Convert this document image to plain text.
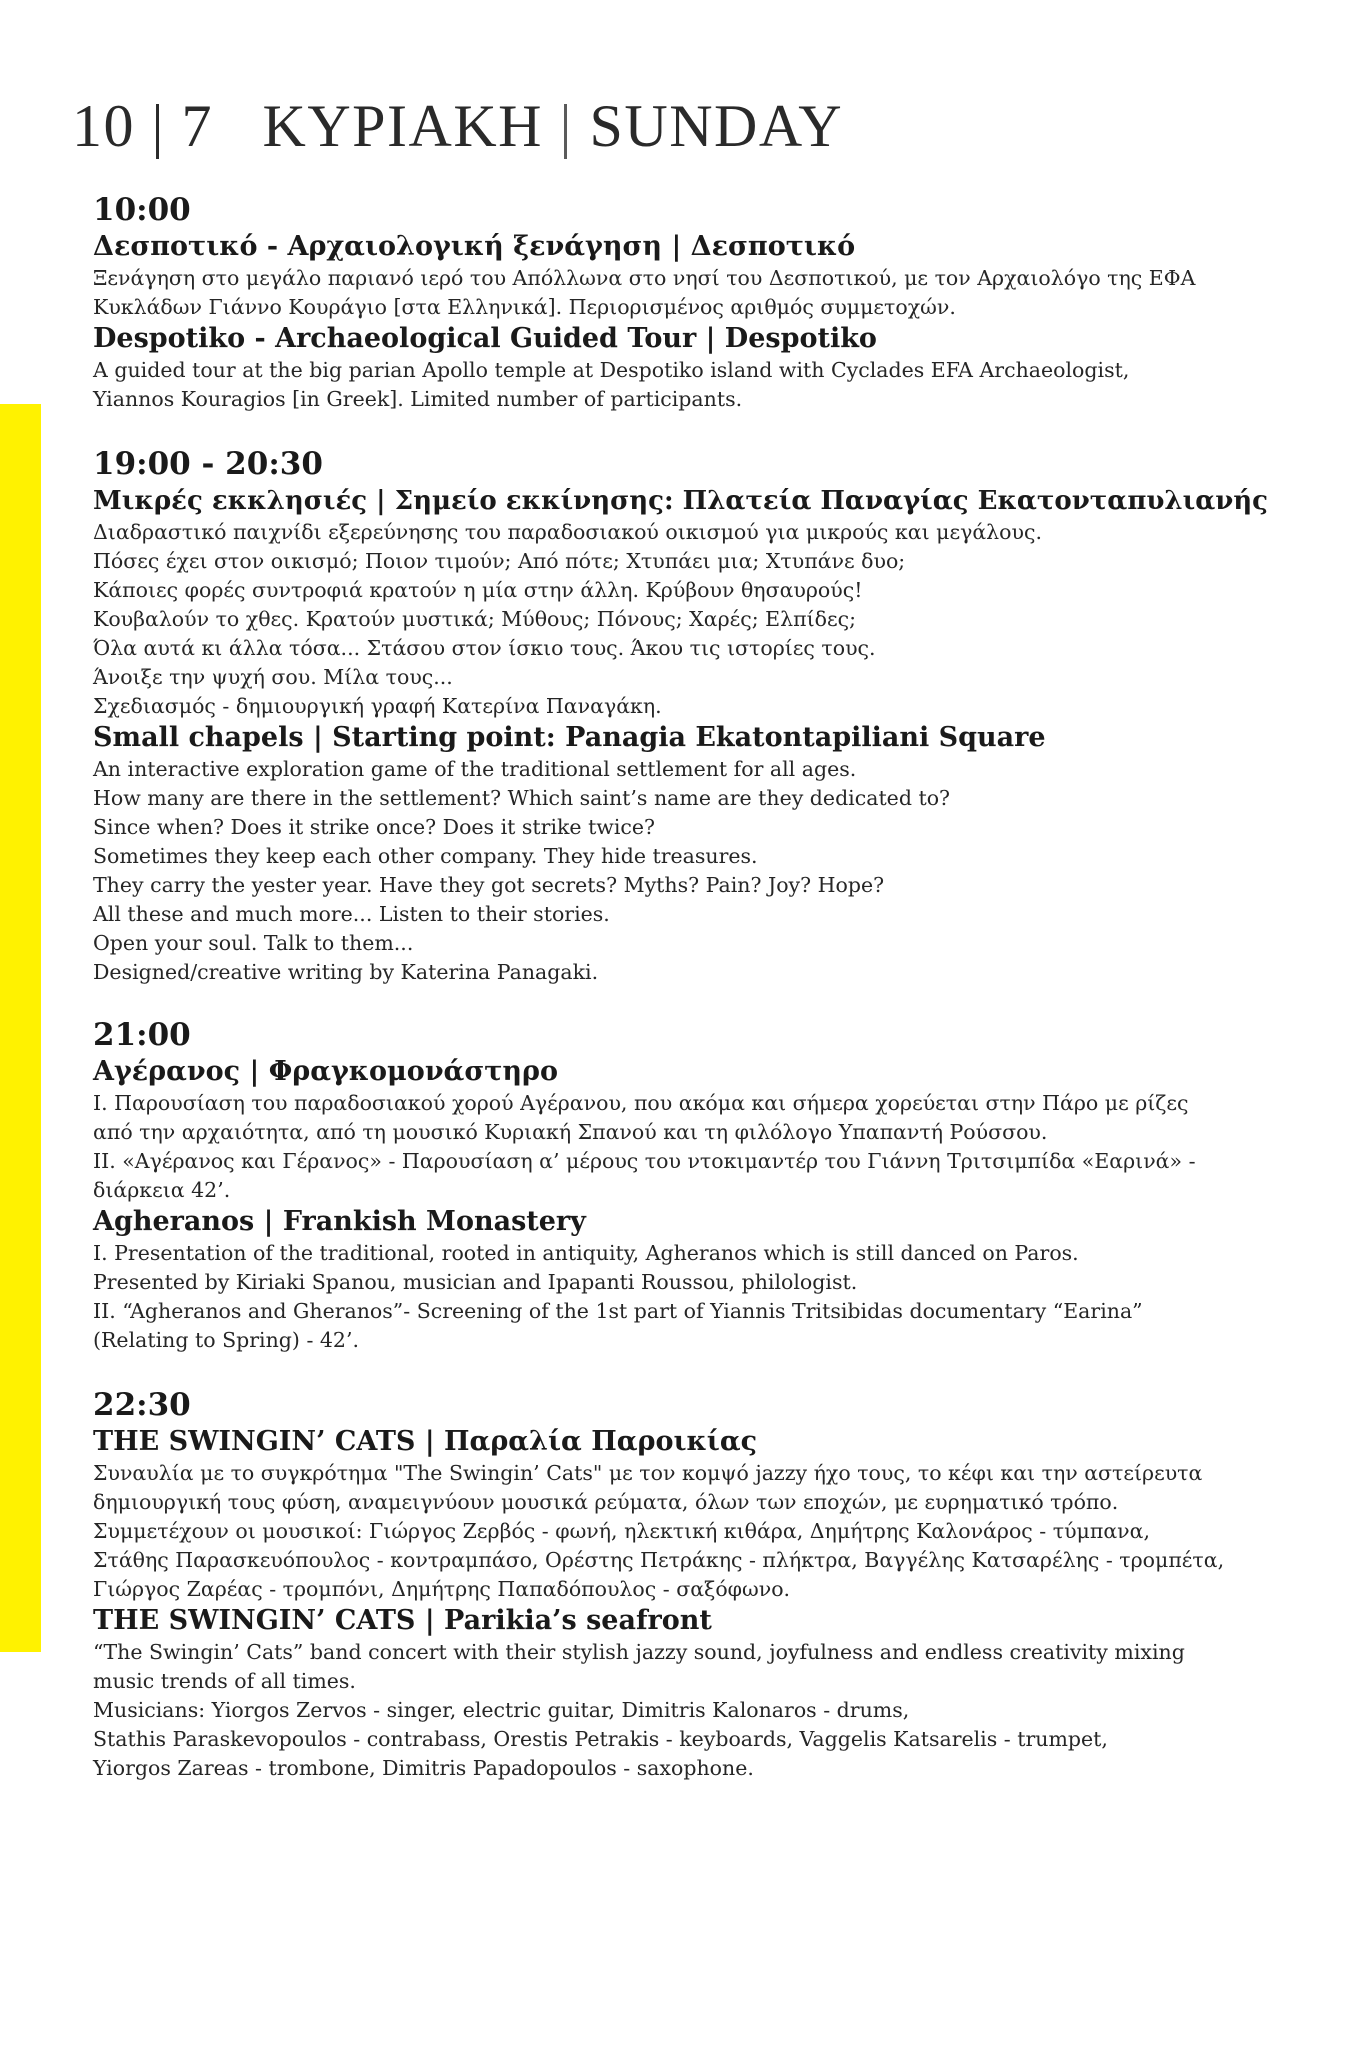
10 | 7 ΚΥΡΙΑΚΗ | SUNDAY
10:00
Δεσποτικό - Αρχαιολογική ξενάγηση | Δεσποτικό
Ξενάγηση στο μεγάλο παριανό ιερό του Απόλλωνα στο νησί του Δεσποτικού, με τον Αρχαιολόγο της ΕΦΑ
Κυκλάδων Γιάννο Κουράγιο [στα Ελληνικά]. Περιορισμένος αριθμός συμμετοχών.
Despotiko - Archaeological Guided Tour | Despotiko
A guided tour at the big parian Apollo temple at Despotiko island with Cyclades EFA Archaeologist,
Yiannos Kouragios [in Greek]. Limited number of participants.
19:00 - 20:30
Μικρές εκκλησιές | Σημείο εκκίνησης: Πλατεία Παναγίας Εκατονταπυλιανής
Διαδραστικό παιχνίδι εξερεύνησης του παραδοσιακού οικισμού για μικρούς και μεγάλους.
Πόσες έχει στον οικισμό; Ποιον τιμούν; Από πότε; Χτυπάει μια; Χτυπάνε δυο;
Κάποιες φορές συντροφιά κρατούν η μία στην άλλη. Κρύβουν θησαυρούς!
Κουβαλούν το χθες. Κρατούν μυστικά; Μύθους; Πόνους; Χαρές; Ελπίδες;
Όλα αυτά κι άλλα τόσα... Στάσου στον ίσκιο τους. Άκου τις ιστορίες τους.
Άνοιξε την ψυχή σου. Μίλα τους...
Σχεδιασμός - δημιουργική γραφή Κατερίνα Παναγάκη.
Small chapels | Starting point: Panagia Ekatontapiliani Square
An interactive exploration game of the traditional settlement for all ages.
How many are there in the settlement? Which saint’s name are they dedicated to?
Since when? Does it strike once? Does it strike twice?
Sometimes they keep each other company. They hide treasures.
They carry the yester year. Have they got secrets? Myths? Pain? Joy? Hope?
All these and much more... Listen to their stories.
Open your soul. Talk to them...
Designed/creative writing by Katerina Panagaki.
21:00
Αγέρανος | Φραγκομονάστηρο
Ι. Παρουσίαση του παραδοσιακού χορού Αγέρανου, που ακόμα και σήμερα χορεύεται στην Πάρο με ρίζες
από την αρχαιότητα, από τη μουσικό Κυριακή Σπανού και τη φιλόλογο Υπαπαντή Ρούσσου.
ΙΙ. «Αγέρανος και Γέρανος» - Παρουσίαση α’ μέρους του ντοκιμαντέρ του Γιάννη Τριτσιμπίδα «Εαρινά» -
διάρκεια 42’.
Agheranos | Frankish Monastery
I. Presentation of the traditional, rooted in antiquity, Agheranos which is still danced on Paros.
Presented by Kiriaki Spanou, musician and Ipapanti Roussou, philologist.
II. “Agheranos and Gheranos”- Screening of the 1st part of Yiannis Tritsibidas documentary “Earina”
(Relating to Spring) - 42’.
22:30
THE SWINGIN’ CATS | Παραλία Παροικίας
Συναυλία με το συγκρότημα "The Swingin’ Cats" με τον κομψό jazzy ήχο τους, το κέφι και την αστείρευτα
δημιουργική τους φύση, αναμειγνύουν μουσικά ρεύματα, όλων των εποχών, με ευρηματικό τρόπο.
Συμμετέχουν οι μουσικοί: Γιώργος Ζερβός - φωνή, ηλεκτική κιθάρα, Δημήτρης Καλονάρος - τύμπανα,
Στάθης Παρασκευόπουλος - κοντραμπάσο, Ορέστης Πετράκης - πλήκτρα, Βαγγέλης Κατσαρέλης - τρομπέτα,
Γιώργος Ζαρέας - τρομπόνι, Δημήτρης Παπαδόπουλος - σαξόφωνο.
THE SWINGIN’ CATS | Parikia’s seafront
“The Swingin’ Cats” band concert with their stylish jazzy sound, joyfulness and endless creativity mixing
music trends of all times.
Musicians: Yiorgos Zervos - singer, electric guitar, Dimitris Kalonaros - drums,
Stathis Paraskevopoulos - contrabass, Orestis Petrakis - keyboards, Vaggelis Katsarelis - trumpet,
Yiorgos Zareas - trombone, Dimitris Papadopoulos - saxophone.
